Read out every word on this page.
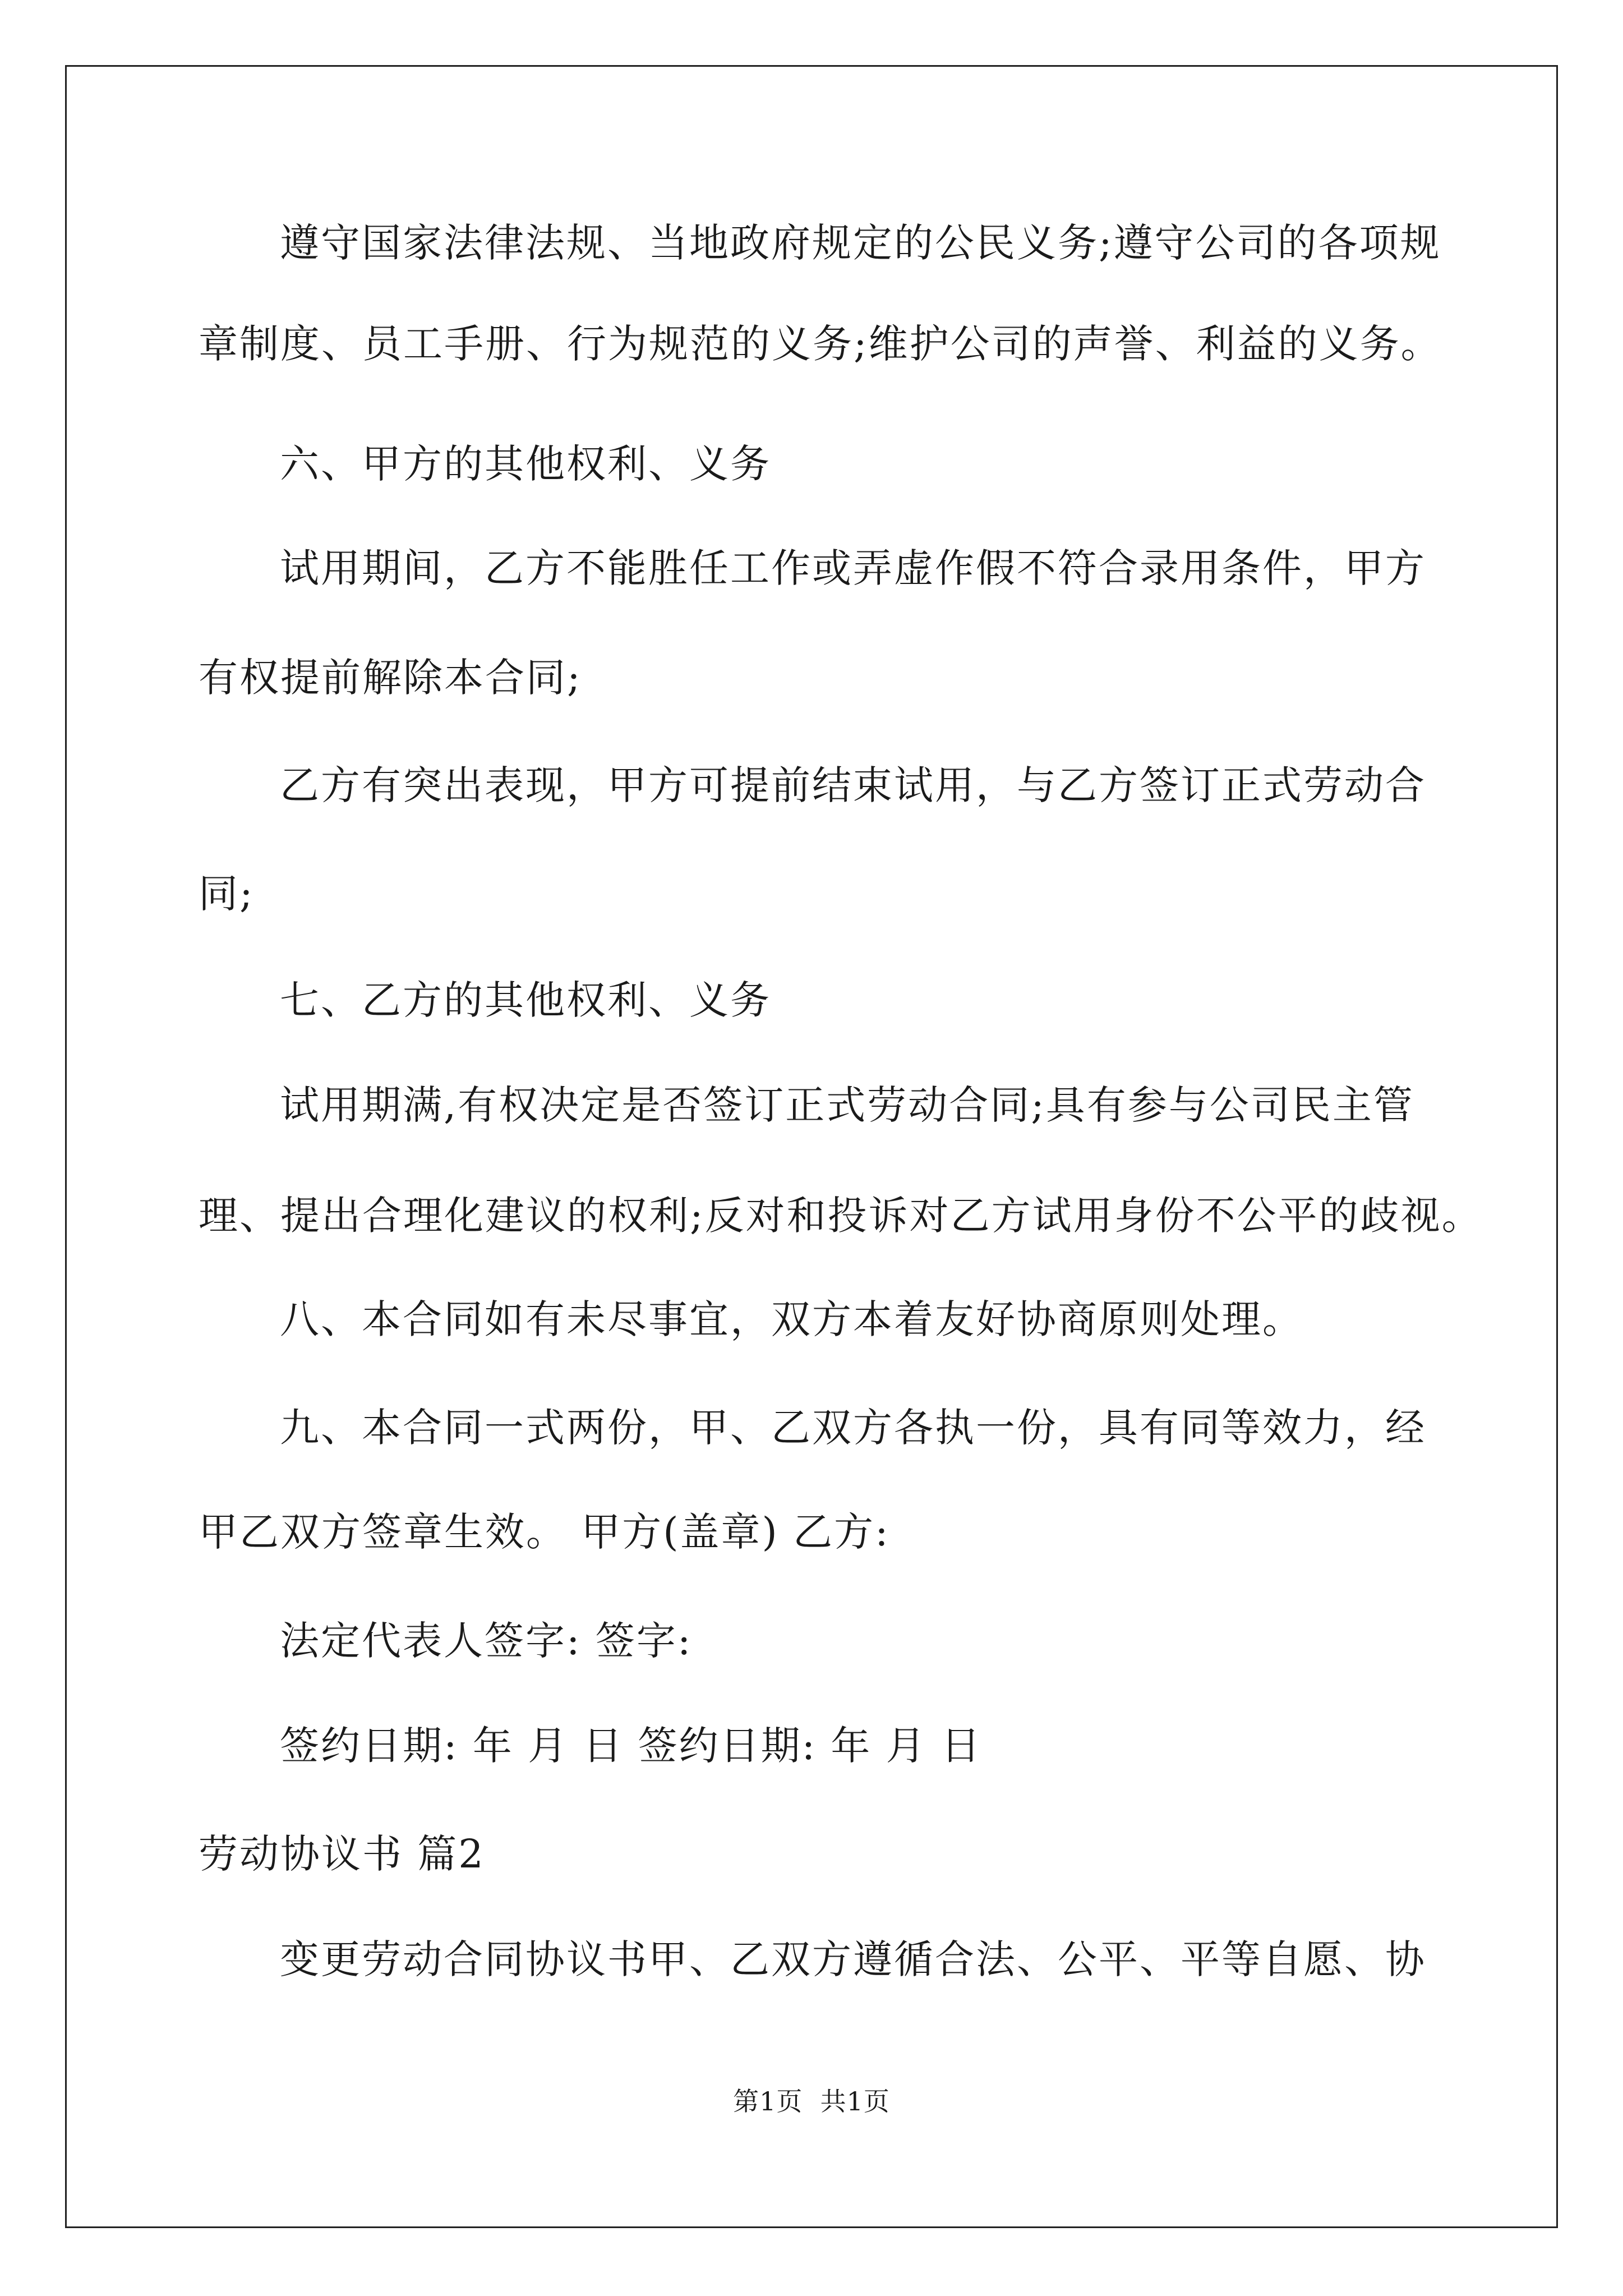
遵守国家法律法规、当地政府规定的公民义务;遵守公司的各项规
章制度、员工手册、行为规范的义务;维护公司的声誉、利益的义务。
六、甲方的其他权利、义务
试用期间，乙方不能胜任工作或弄虚作假不符合录用条件，甲方
有权提前解除本合同;
乙方有突出表现，甲方可提前结束试用，与乙方签订正式劳动合
同;
七、乙方的其他权利、义务
试用期满,有权决定是否签订正式劳动合同;具有参与公司民主管
理、提出合理化建议的权利;反对和投诉对乙方试用身份不公平的歧视。
八、本合同如有未尽事宜，双方本着友好协商原则处理。
九、本合同一式两份，甲、乙双方各执一份，具有同等效力，经
甲乙双方签章生效。 甲方(盖章) 乙方:
法定代表人签字: 签字:
签约日期: 年 月 日 签约日期: 年 月 日
劳动协议书 篇2
变更劳动合同协议书甲、乙双方遵循合法、公平、平等自愿、协
第1页  共1页
